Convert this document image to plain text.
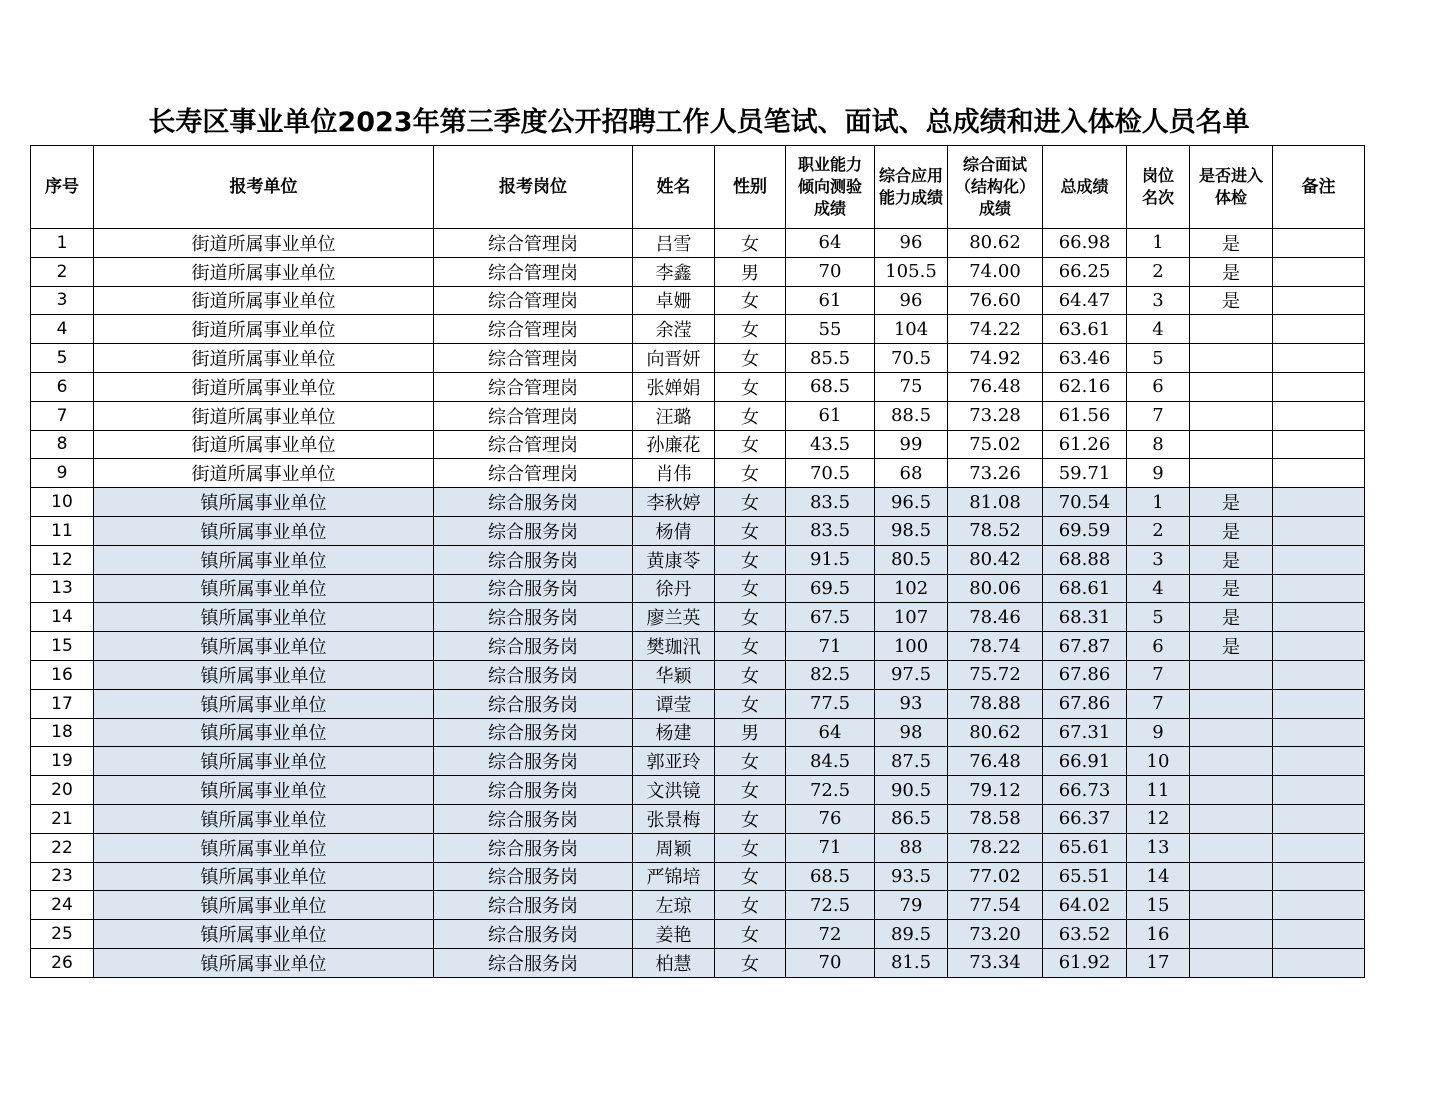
长寿区事业单位2023年第三季度公开招聘工作人员笔试、面试、总成绩和进入体检人员名单
序号	报考单位	报考岗位	姓名	性别	职业能力倾向测验成绩	综合应用能力成绩	综合面试（结构化）成绩	总成绩	岗位名次	是否进入体检	备注
1	街道所属事业单位	综合管理岗	吕雪	女	64	96	80.62	66.98	1	是	
2	街道所属事业单位	综合管理岗	李鑫	男	70	105.5	74.00	66.25	2	是	
3	街道所属事业单位	综合管理岗	卓姗	女	61	96	76.60	64.47	3	是	
4	街道所属事业单位	综合管理岗	余滢	女	55	104	74.22	63.61	4		
5	街道所属事业单位	综合管理岗	向晋妍	女	85.5	70.5	74.92	63.46	5		
6	街道所属事业单位	综合管理岗	张婵娟	女	68.5	75	76.48	62.16	6		
7	街道所属事业单位	综合管理岗	汪璐	女	61	88.5	73.28	61.56	7		
8	街道所属事业单位	综合管理岗	孙廉花	女	43.5	99	75.02	61.26	8		
9	街道所属事业单位	综合管理岗	肖伟	女	70.5	68	73.26	59.71	9		
10	镇所属事业单位	综合服务岗	李秋婷	女	83.5	96.5	81.08	70.54	1	是	
11	镇所属事业单位	综合服务岗	杨倩	女	83.5	98.5	78.52	69.59	2	是	
12	镇所属事业单位	综合服务岗	黄康苓	女	91.5	80.5	80.42	68.88	3	是	
13	镇所属事业单位	综合服务岗	徐丹	女	69.5	102	80.06	68.61	4	是	
14	镇所属事业单位	综合服务岗	廖兰英	女	67.5	107	78.46	68.31	5	是	
15	镇所属事业单位	综合服务岗	樊珈汛	女	71	100	78.74	67.87	6	是	
16	镇所属事业单位	综合服务岗	华颖	女	82.5	97.5	75.72	67.86	7		
17	镇所属事业单位	综合服务岗	谭莹	女	77.5	93	78.88	67.86	7		
18	镇所属事业单位	综合服务岗	杨建	男	64	98	80.62	67.31	9		
19	镇所属事业单位	综合服务岗	郭亚玲	女	84.5	87.5	76.48	66.91	10		
20	镇所属事业单位	综合服务岗	文洪镜	女	72.5	90.5	79.12	66.73	11		
21	镇所属事业单位	综合服务岗	张景梅	女	76	86.5	78.58	66.37	12		
22	镇所属事业单位	综合服务岗	周颖	女	71	88	78.22	65.61	13		
23	镇所属事业单位	综合服务岗	严锦培	女	68.5	93.5	77.02	65.51	14		
24	镇所属事业单位	综合服务岗	左琼	女	72.5	79	77.54	64.02	15		
25	镇所属事业单位	综合服务岗	姜艳	女	72	89.5	73.20	63.52	16		
26	镇所属事业单位	综合服务岗	柏慧	女	70	81.5	73.34	61.92	17		
